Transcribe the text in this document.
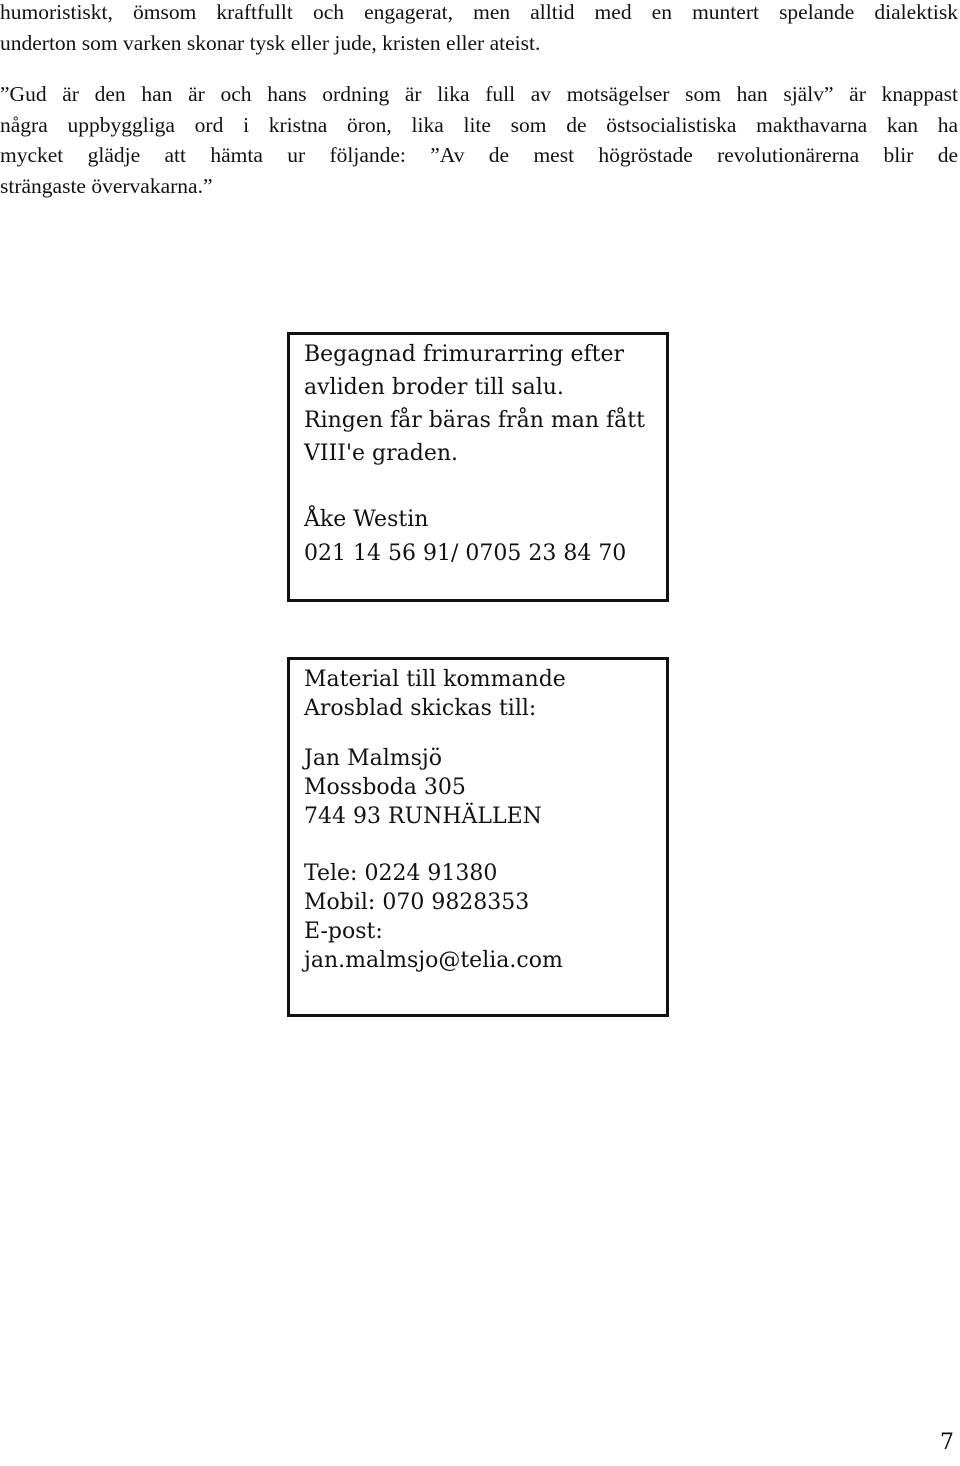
humoristiskt, ömsom kraftfullt och engagerat, men alltid med en muntert spelande dialektisk
underton som varken skonar tysk eller jude, kristen eller ateist.
”Gud är den han är och hans ordning är lika full av motsägelser som han själv” är knappast
några uppbyggliga ord i kristna öron, lika lite som de östsocialistiska makthavarna kan ha
mycket glädje att hämta ur följande: ”Av de mest högröstade revolutionärerna blir de
strängaste övervakarna.”
Begagnad frimurarring efter
avliden broder till salu.
Ringen får bäras från man fått
VIII'e graden.
Åke Westin
021 14 56 91/ 0705 23 84 70
Material till kommande
Arosblad skickas till:
Jan Malmsjö
Mossboda 305
744 93 RUNHÄLLEN
Tele: 0224 91380
Mobil: 070 9828353
E-post:
jan.malmsjo@telia.com
7
